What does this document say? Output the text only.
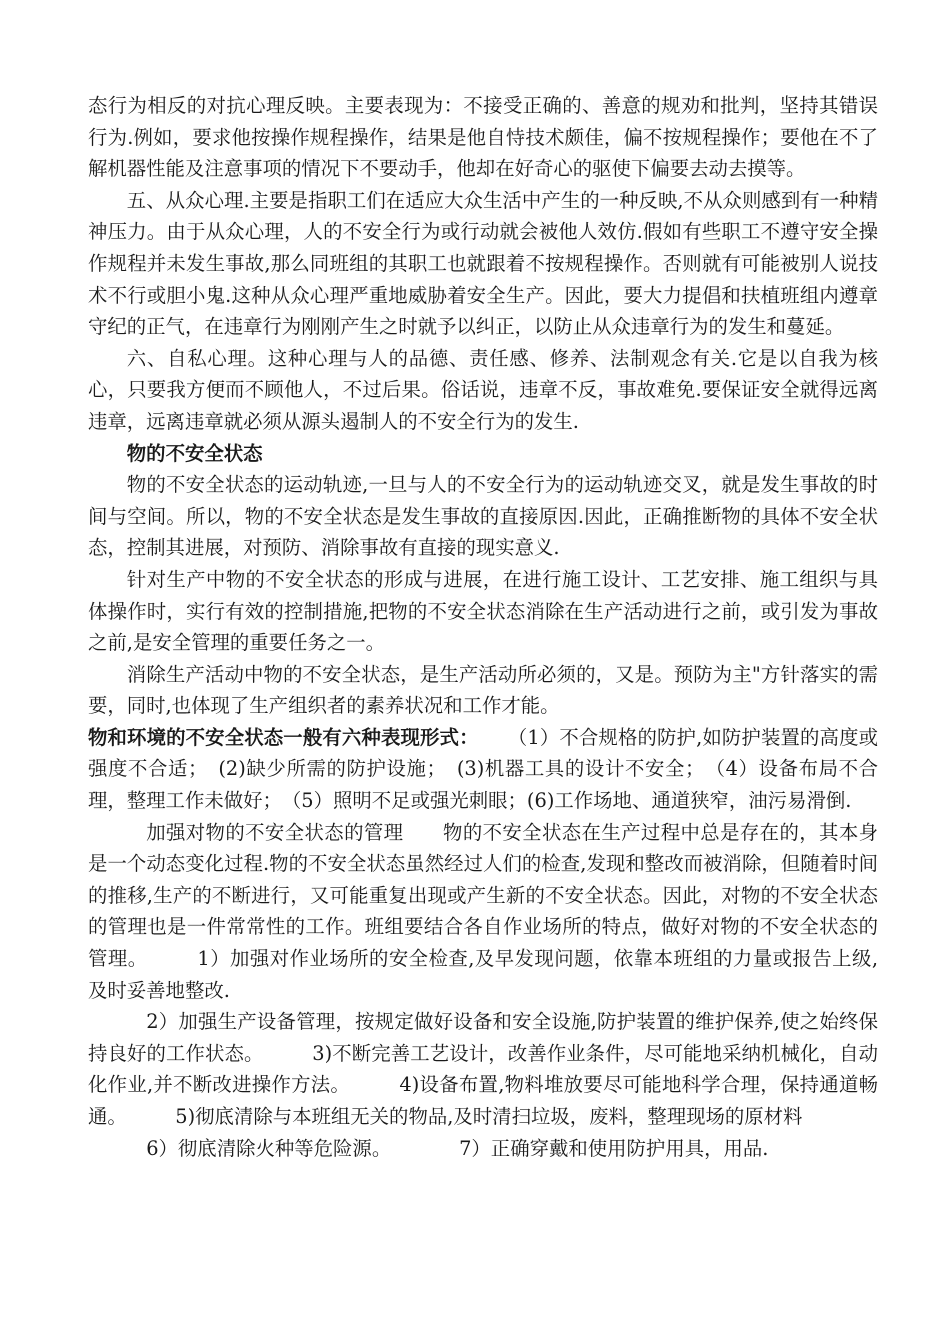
态行为相反的对抗心理反映。主要表现为：不接受正确的、善意的规劝和批判，坚持其错误行为.例如，要求他按操作规程操作，结果是他自恃技术颇佳，偏不按规程操作；要他在不了解机器性能及注意事项的情况下不要动手，他却在好奇心的驱使下偏要去动去摸等。

五、从众心理.主要是指职工们在适应大众生活中产生的一种反映,不从众则感到有一种精神压力。由于从众心理，人的不安全行为或行动就会被他人效仿.假如有些职工不遵守安全操作规程并未发生事故,那么同班组的其职工也就跟着不按规程操作。否则就有可能被别人说技术不行或胆小鬼.这种从众心理严重地威胁着安全生产。因此，要大力提倡和扶植班组内遵章守纪的正气，在违章行为刚刚产生之时就予以纠正，以防止从众违章行为的发生和蔓延。

六、自私心理。这种心理与人的品德、责任感、修养、法制观念有关.它是以自我为核心，只要我方便而不顾他人，不过后果。俗话说，违章不反，事故难免.要保证安全就得远离违章，远离违章就必须从源头遏制人的不安全行为的发生.

物的不安全状态

物的不安全状态的运动轨迹,一旦与人的不安全行为的运动轨迹交叉，就是发生事故的时间与空间。所以，物的不安全状态是发生事故的直接原因.因此，正确推断物的具体不安全状态，控制其进展，对预防、消除事故有直接的现实意义.

针对生产中物的不安全状态的形成与进展，在进行施工设计、工艺安排、施工组织与具体操作时，实行有效的控制措施,把物的不安全状态消除在生产活动进行之前，或引发为事故之前,是安全管理的重要任务之一。

消除生产活动中物的不安全状态，是生产活动所必须的，又是。预防为主"方针落实的需要，同时,也体现了生产组织者的素养状况和工作才能。

物和环境的不安全状态一般有六种表现形式： （1）不合规格的防护,如防护装置的高度或强度不合适；　(2)缺少所需的防护设施；　(3)机器工具的设计不安全；　（4）设备布局不合理，整理工作未做好；　（5）照明不足或强光刺眼；(6)工作场地、通道狭窄，油污易滑倒.

加强对物的不安全状态的管理　　物的不安全状态在生产过程中总是存在的，其本身是一个动态变化过程.物的不安全状态虽然经过人们的检查,发现和整改而被消除，但随着时间的推移,生产的不断进行，又可能重复出现或产生新的不安全状态。因此，对物的不安全状态的管理也是一件常常性的工作。班组要结合各自作业场所的特点，做好对物的不安全状态的管理。　　　1）加强对作业场所的安全检查,及早发现问题，依靠本班组的力量或报告上级,及时妥善地整改.

2）加强生产设备管理，按规定做好设备和安全设施,防护装置的维护保养,使之始终保持良好的工作状态。　　　3)不断完善工艺设计，改善作业条件，尽可能地采纳机械化，自动化作业,并不断改进操作方法。　　　4)设备布置,物料堆放要尽可能地科学合理，保持通道畅通。　　　5)彻底清除与本班组无关的物品,及时清扫垃圾，废料，整理现场的原材料

6）彻底清除火种等危险源。　　　　7）正确穿戴和使用防护用具，用品.
